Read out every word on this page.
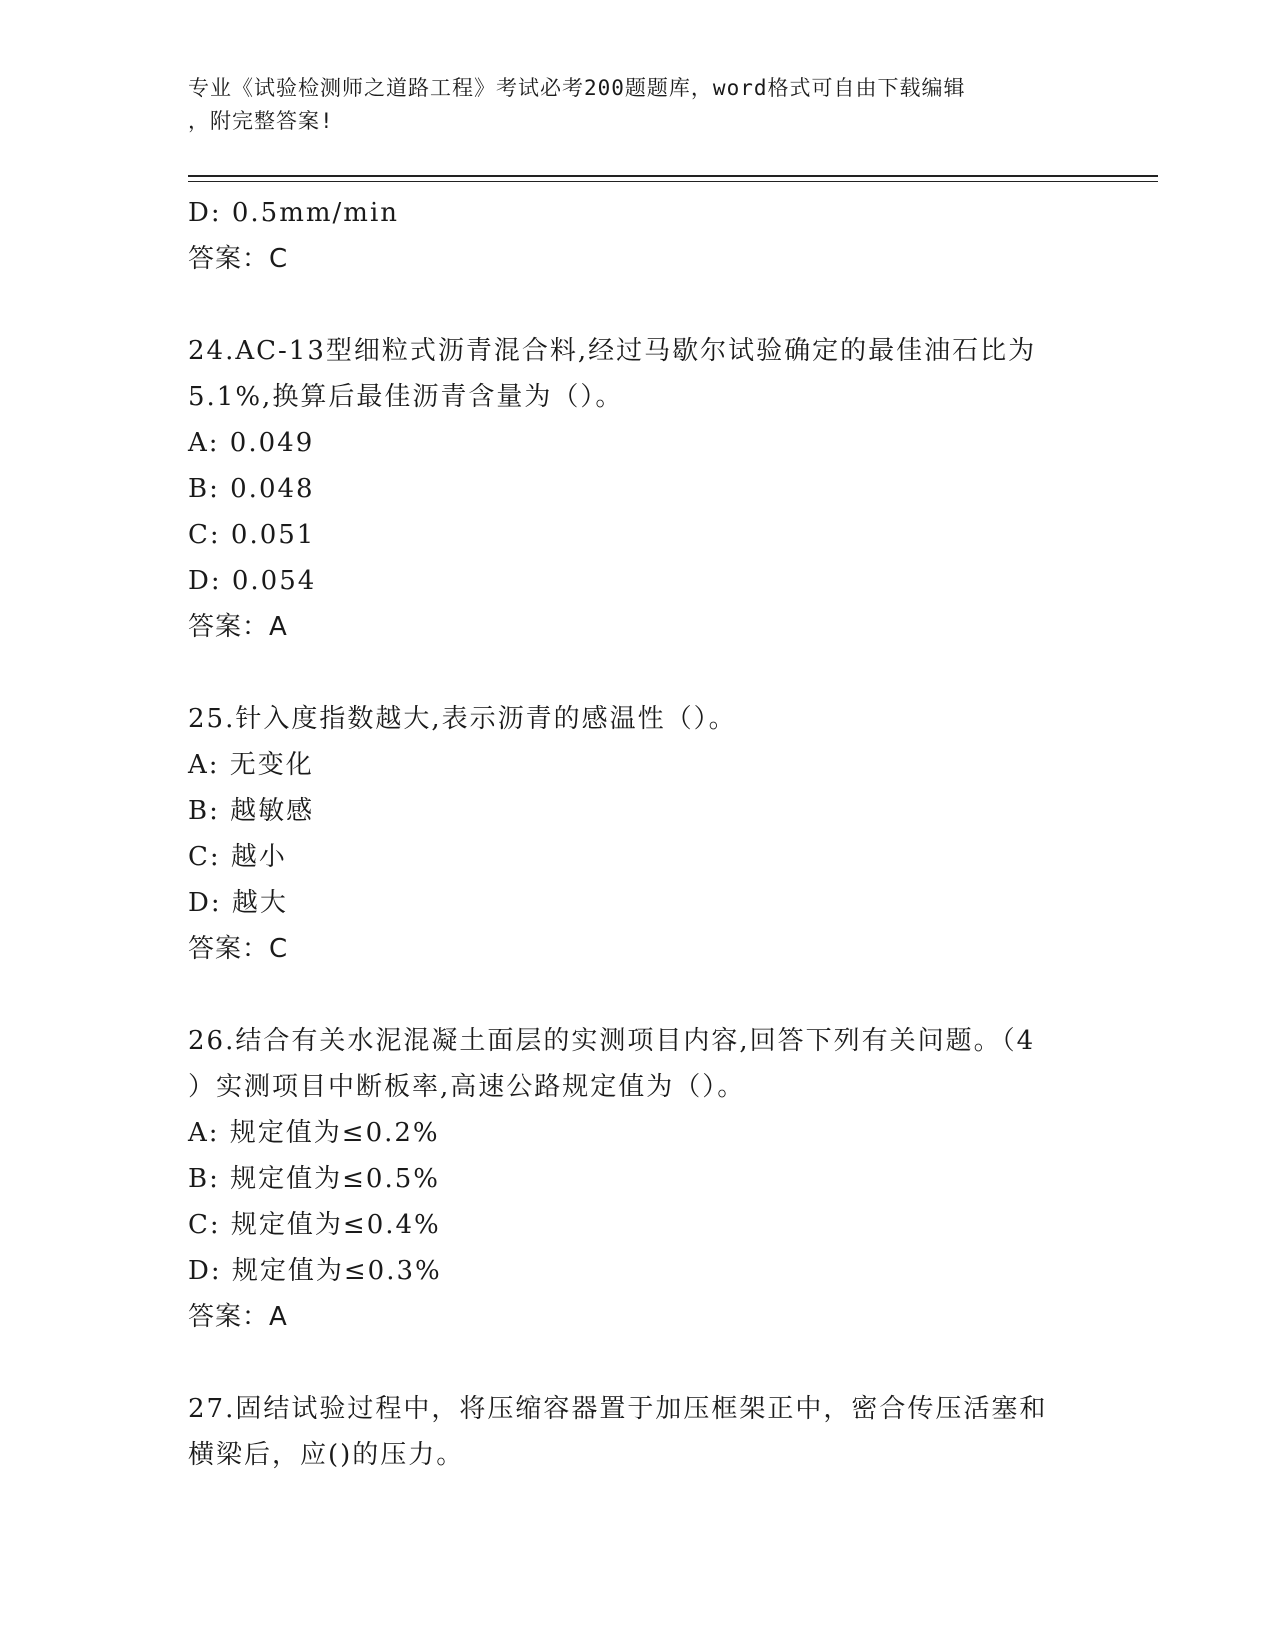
专业《试验检测师之道路工程》考试必考200题题库，word格式可自由下载编辑
，附完整答案!
D: 0.5mm/min
答案：C
24.AC-13型细粒式沥青混合料,经过马歇尔试验确定的最佳油石比为
5.1%,换算后最佳沥青含量为（）。
A: 0.049
B: 0.048
C: 0.051
D: 0.054
答案：A
25.针入度指数越大,表示沥青的感温性（）。
A: 无变化
B: 越敏感
C: 越小
D: 越大
答案：C
26.结合有关水泥混凝土面层的实测项目内容,回答下列有关问题。（4
）实测项目中断板率,高速公路规定值为（）。
A: 规定值为≤0.2%
B: 规定值为≤0.5%
C: 规定值为≤0.4%
D: 规定值为≤0.3%
答案：A
27.固结试验过程中，将压缩容器置于加压框架正中，密合传压活塞和
横梁后，应()的压力。
